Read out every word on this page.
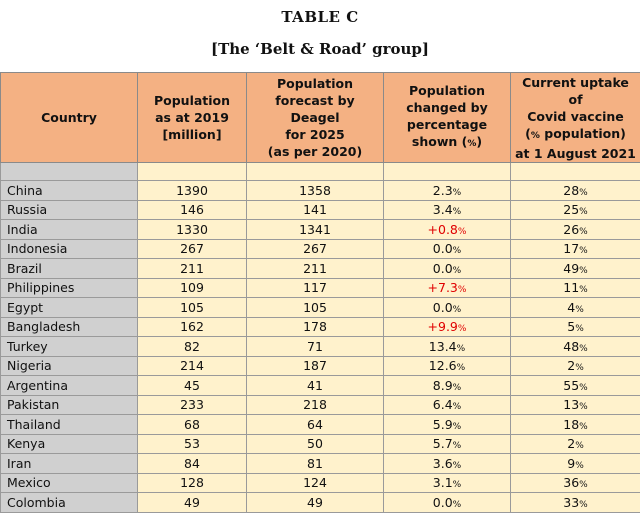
TABLE C
[The ‘Belt & Road’ group]
Country	Population
as at 2019
[million]	Population
forecast by Deagel
for 2025
(as per 2020)	Population
changed by
percentage
shown (%)	Current uptake of
Covid vaccine
(% population)
at 1 August 2021

China	1390	1358	2.3%	28%
Russia	146	141	3.4%	25%
India	1330	1341	+0.8%	26%
Indonesia	267	267	0.0%	17%
Brazil	211	211	0.0%	49%
Philippines	109	117	+7.3%	11%
Egypt	105	105	0.0%	4%
Bangladesh	162	178	+9.9%	5%
Turkey	82	71	13.4%	48%
Nigeria	214	187	12.6%	2%
Argentina	45	41	8.9%	55%
Pakistan	233	218	6.4%	13%
Thailand	68	64	5.9%	18%
Kenya	53	50	5.7%	2%
Iran	84	81	3.6%	9%
Mexico	128	124	3.1%	36%
Colombia	49	49	0.0%	33%
